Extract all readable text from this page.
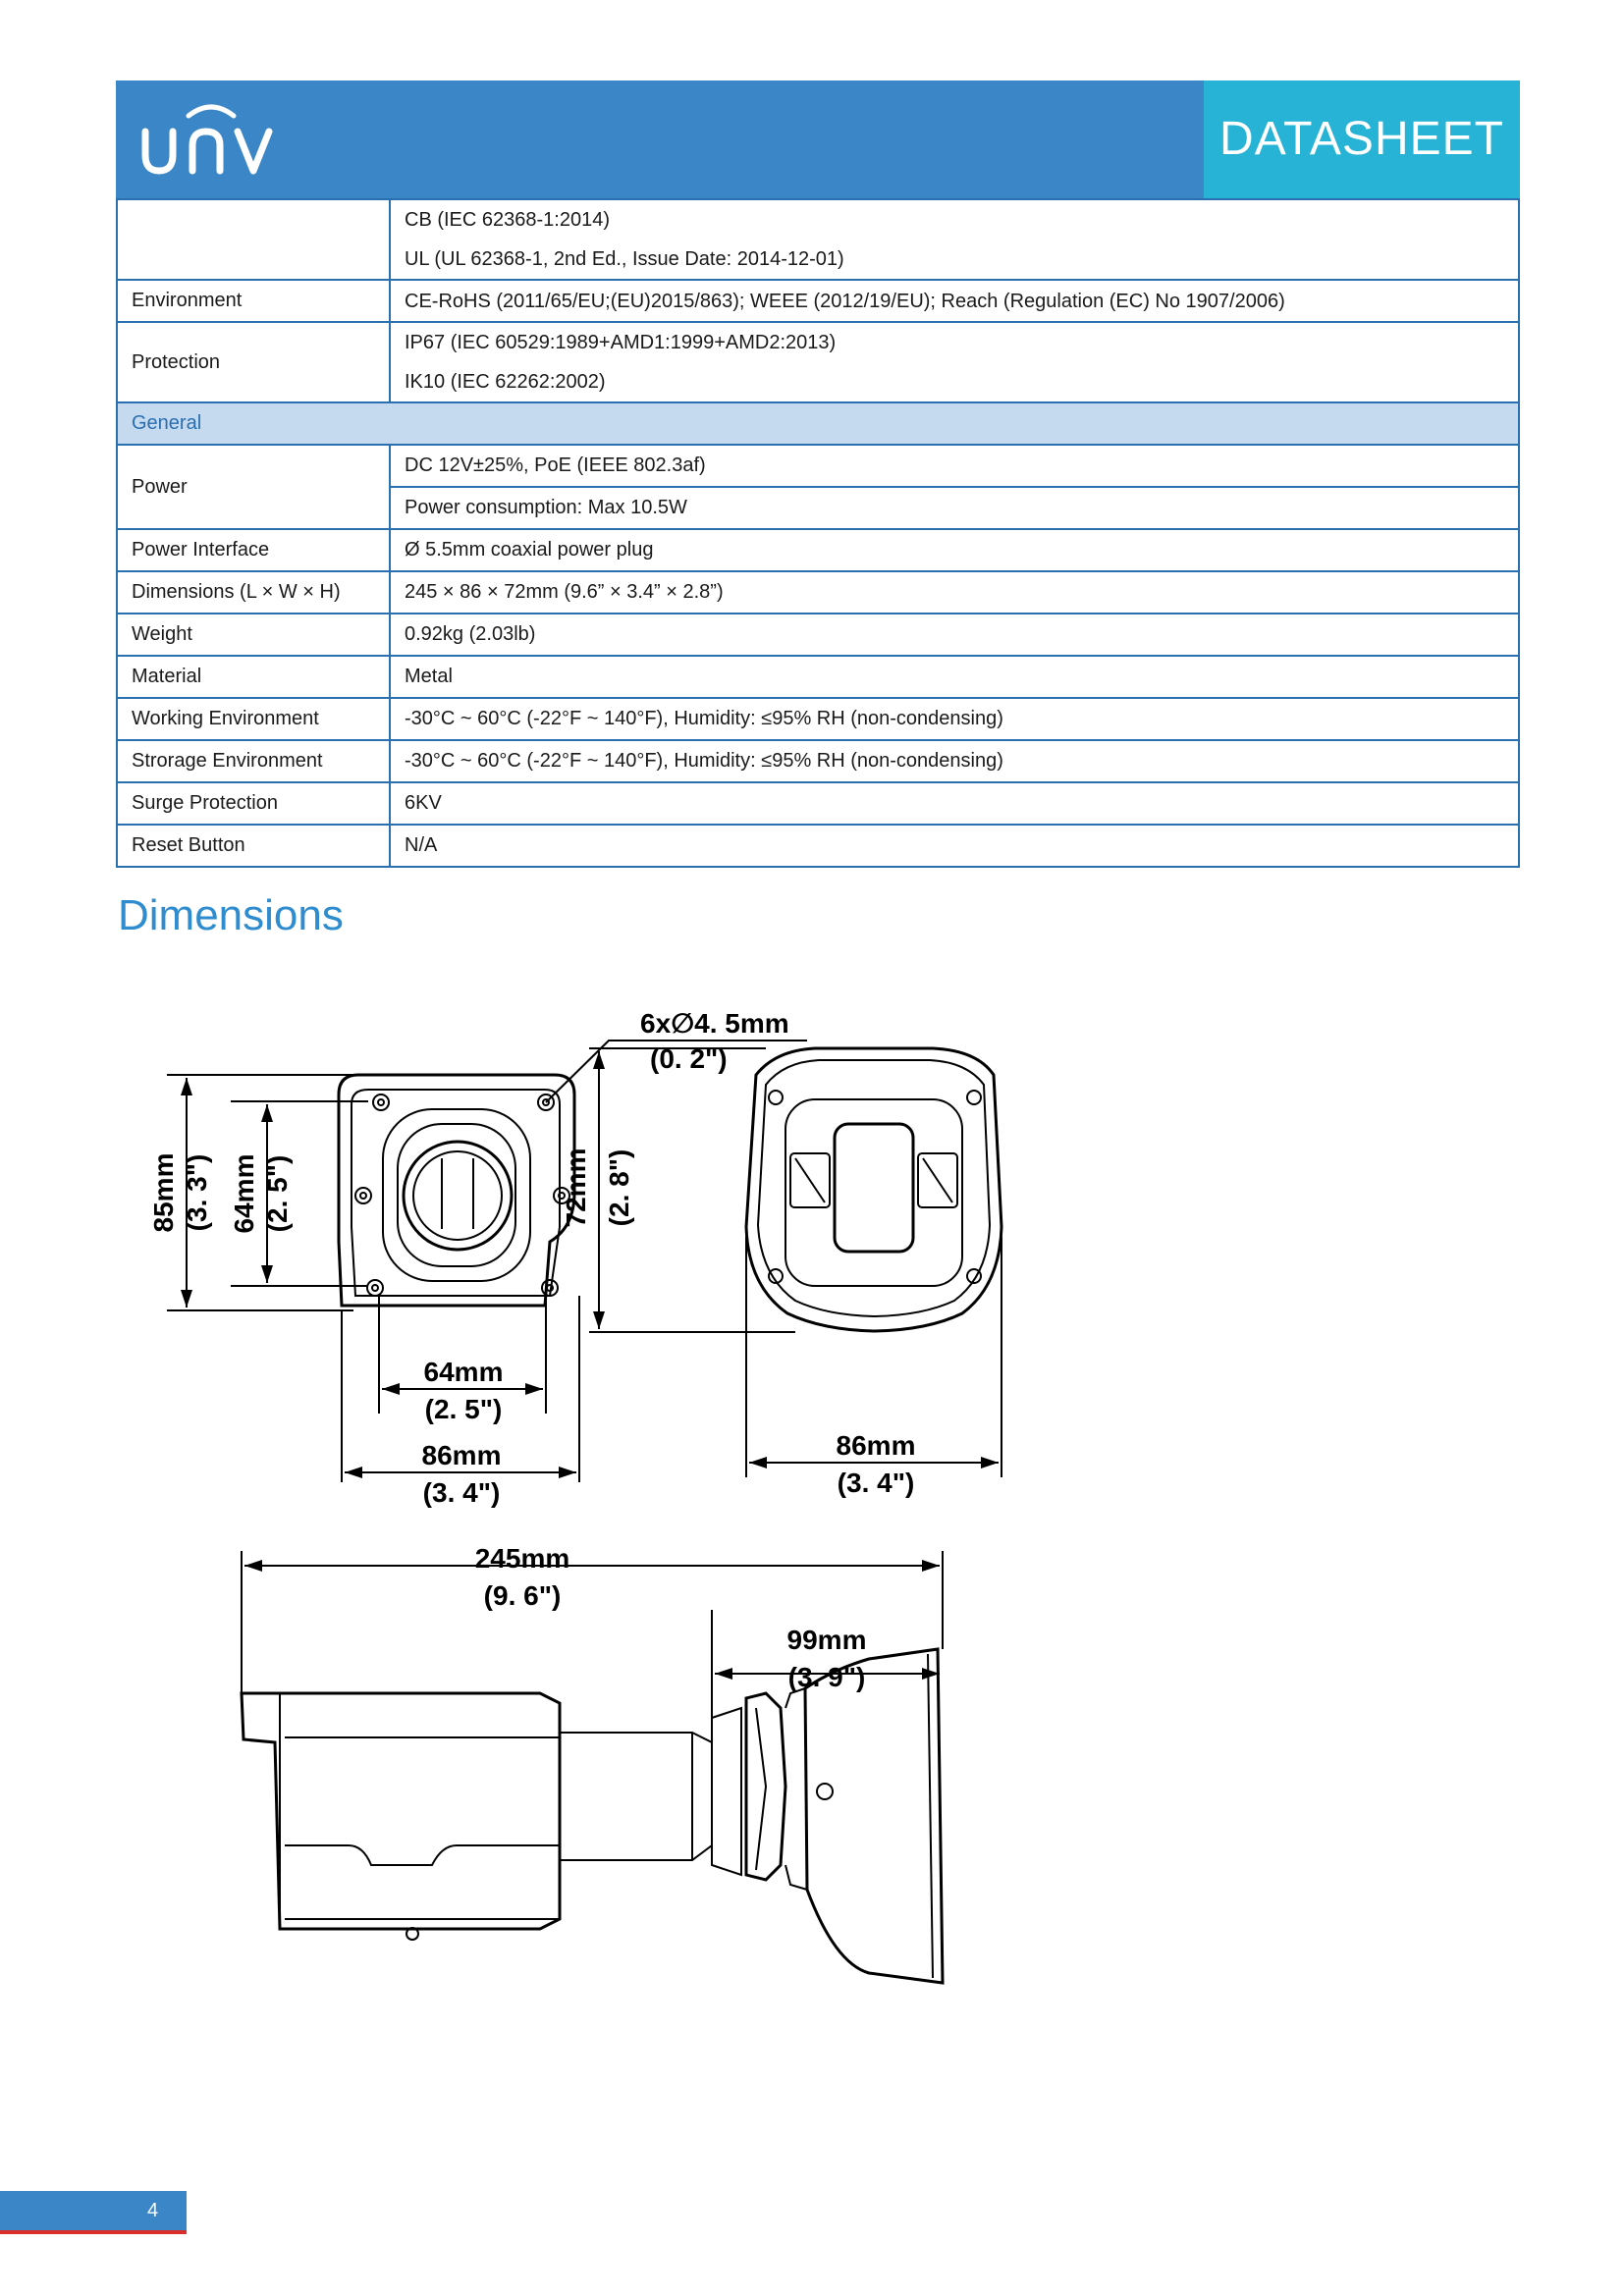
DATASHEET

	CB (IEC 62368-1:2014)
UL (UL 62368-1, 2nd Ed., Issue Date: 2014-12-01)

Environment	CE-RoHS (2011/65/EU;(EU)2015/863); WEEE (2012/19/EU); Reach (Regulation (EC) No 1907/2006)

Protection	IP67 (IEC 60529:1989+AMD1:1999+AMD2:2013)
IK10 (IEC 62262:2002)

General	
Power	DC 12V±25%, PoE (IEEE 802.3af)
Power consumption: Max 10.5W

Power Interface	Ø 5.5mm coaxial power plug
Dimensions (L × W × H)	245 × 86 × 72mm (9.6” × 3.4” × 2.8”)
Weight	0.92kg (2.03lb)
Material	Metal
Working Environment	-30°C ~ 60°C (-22°F ~ 140°F), Humidity: ≤95% RH (non-condensing)
Strorage Environment	-30°C ~ 60°C (-22°F ~ 140°F), Humidity: ≤95% RH (non-condensing)
Surge Protection	6KV
Reset Button	N/A
Dimensions
6x∅4. 5mm
(0. 2")
85mm (3. 3") 64mm (2. 5")
64mm
(2. 5")
86mm
(3. 4")
72mm (2. 8")
86mm
(3. 4")
245mm
(9. 6")
99mm
(3. 9")
4
